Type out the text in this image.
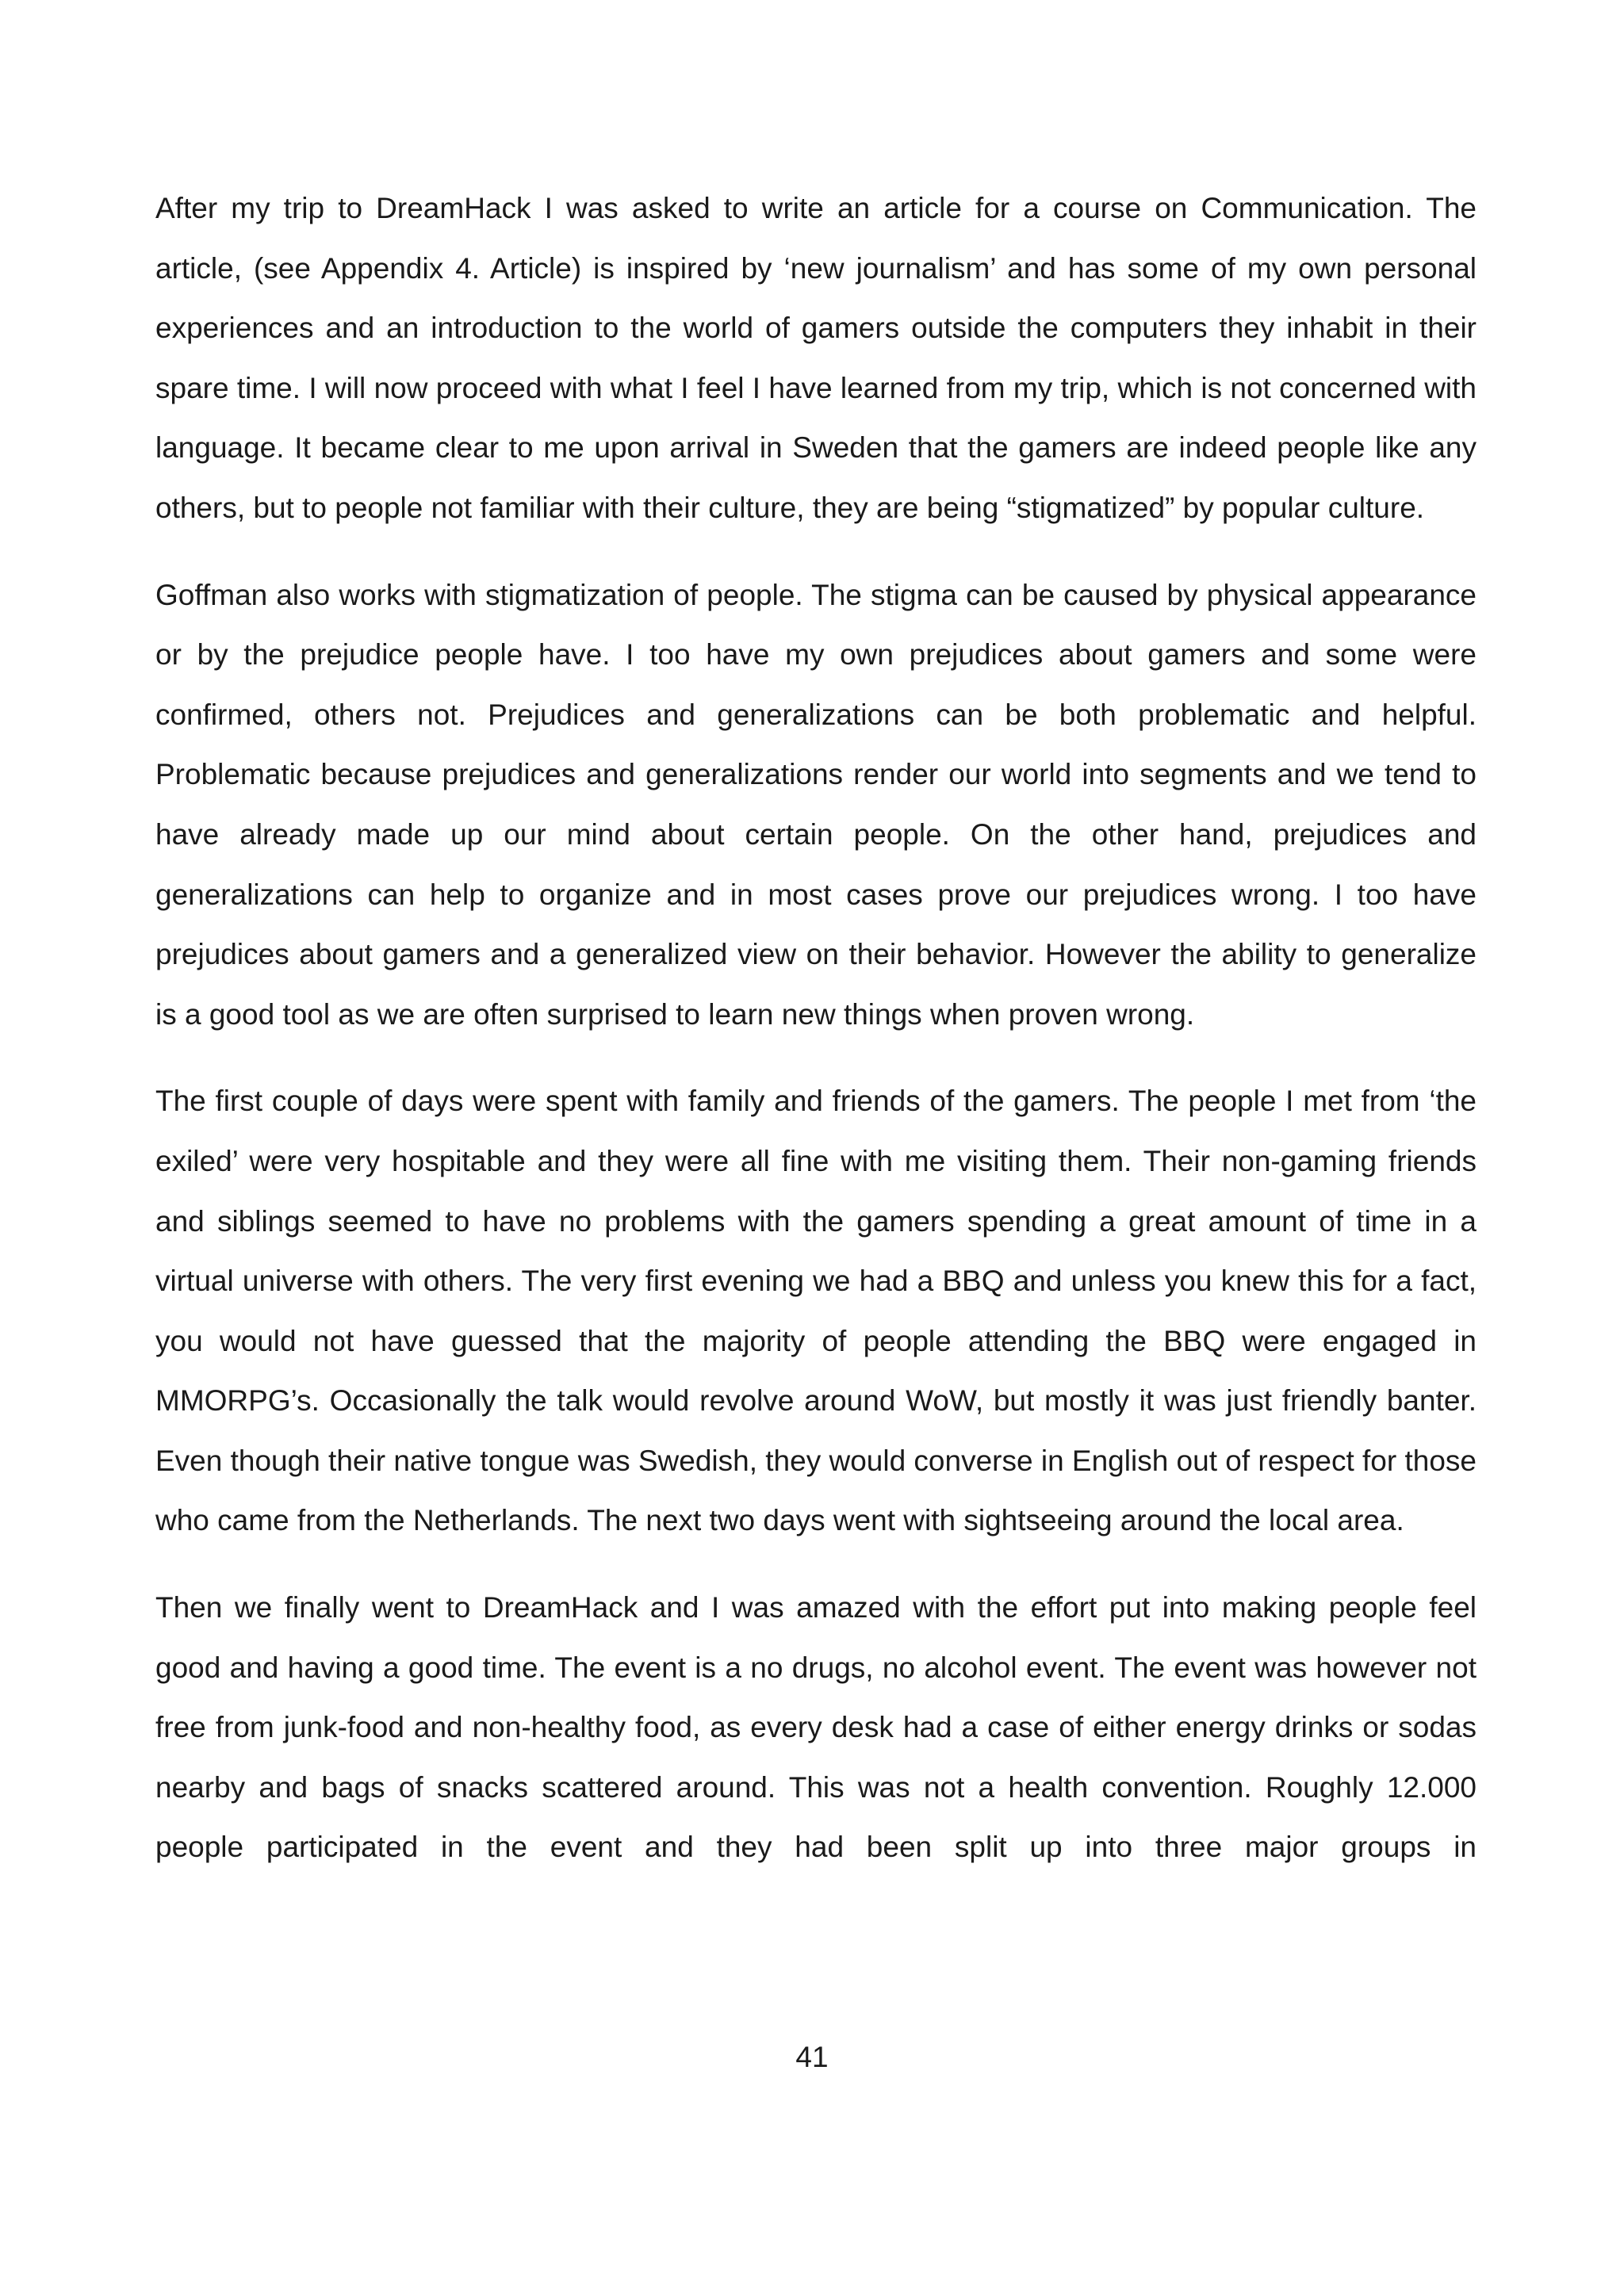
After my trip to DreamHack I was asked to write an article for a course on Communication. The article, (see Appendix 4. Article) is inspired by ‘new journalism’ and has some of my own personal experiences and an introduction to the world of gamers outside the computers they inhabit in their spare time. I will now proceed with what I feel I have learned from my trip, which is not concerned with language. It became clear to me upon arrival in Sweden that the gamers are indeed people like any others, but to people not familiar with their culture, they are being “stigmatized” by popular culture.

Goffman also works with stigmatization of people. The stigma can be caused by physical appearance or by the prejudice people have. I too have my own prejudices about gamers and some were confirmed, others not. Prejudices and generalizations can be both problematic and helpful. Problematic because prejudices and generalizations render our world into segments and we tend to have already made up our mind about certain people. On the other hand, prejudices and generalizations can help to organize and in most cases prove our prejudices wrong. I too have prejudices about gamers and a generalized view on their behavior. However the ability to generalize is a good tool as we are often surprised to learn new things when proven wrong.

The first couple of days were spent with family and friends of the gamers. The people I met from ‘the exiled’ were very hospitable and they were all fine with me visiting them. Their non-gaming friends and siblings seemed to have no problems with the gamers spending a great amount of time in a virtual universe with others. The very first evening we had a BBQ and unless you knew this for a fact, you would not have guessed that the majority of people attending the BBQ were engaged in MMORPG’s. Occasionally the talk would revolve around WoW, but mostly it was just friendly banter. Even though their native tongue was Swedish, they would converse in English out of respect for those who came from the Netherlands. The next two days went with sightseeing around the local area.

Then we finally went to DreamHack and I was amazed with the effort put into making people feel good and having a good time. The event is a no drugs, no alcohol event. The event was however not free from junk-food and non-healthy food, as every desk had a case of either energy drinks or sodas nearby and bags of snacks scattered around. This was not a health convention. Roughly 12.000 people participated in the event and they had been split up into three major groups in

41
